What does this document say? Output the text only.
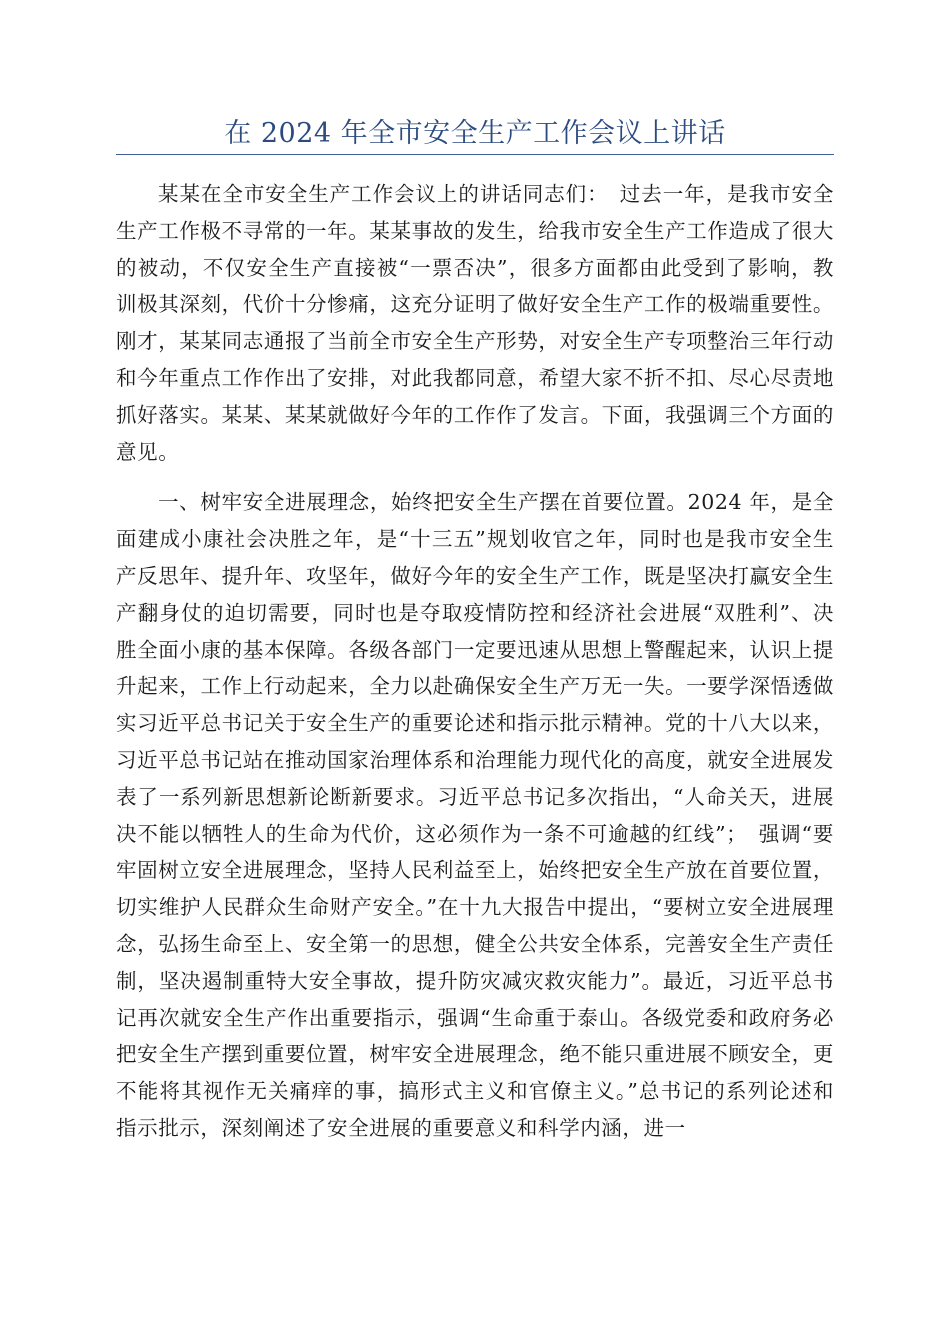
在 2024 年全市安全生产工作会议上讲话

某某在全市安全生产工作会议上的讲话同志们：　过去一年，是我市安全生产工作极不寻常的一年。某某事故的发生，给我市安全生产工作造成了很大的被动，不仅安全生产直接被“一票否决”，很多方面都由此受到了影响，教训极其深刻，代价十分惨痛，这充分证明了做好安全生产工作的极端重要性。刚才，某某同志通报了当前全市安全生产形势，对安全生产专项整治三年行动和今年重点工作作出了安排，对此我都同意，希望大家不折不扣、尽心尽责地抓好落实。某某、某某就做好今年的工作作了发言。下面，我强调三个方面的意见。

一、树牢安全进展理念，始终把安全生产摆在首要位置。2024 年，是全面建成小康社会决胜之年，是“十三五”规划收官之年，同时也是我市安全生产反思年、提升年、攻坚年，做好今年的安全生产工作，既是坚决打赢安全生产翻身仗的迫切需要，同时也是夺取疫情防控和经济社会进展“双胜利”、决胜全面小康的基本保障。各级各部门一定要迅速从思想上警醒起来，认识上提升起来，工作上行动起来，全力以赴确保安全生产万无一失。一要学深悟透做实习近平总书记关于安全生产的重要论述和指示批示精神。党的十八大以来，习近平总书记站在推动国家治理体系和治理能力现代化的高度，就安全进展发表了一系列新思想新论断新要求。习近平总书记多次指出，“人命关天，进展决不能以牺牲人的生命为代价，这必须作为一条不可逾越的红线”；　强调“要牢固树立安全进展理念，坚持人民利益至上，始终把安全生产放在首要位置，切实维护人民群众生命财产安全。”在十九大报告中提出，“要树立安全进展理念，弘扬生命至上、安全第一的思想，健全公共安全体系，完善安全生产责任制，坚决遏制重特大安全事故，提升防灾减灾救灾能力”。最近，习近平总书记再次就安全生产作出重要指示，强调“生命重于泰山。各级党委和政府务必把安全生产摆到重要位置，树牢安全进展理念，绝不能只重进展不顾安全，更不能将其视作无关痛痒的事，搞形式主义和官僚主义。”总书记的系列论述和指示批示，深刻阐述了安全进展的重要意义和科学内涵，进一
